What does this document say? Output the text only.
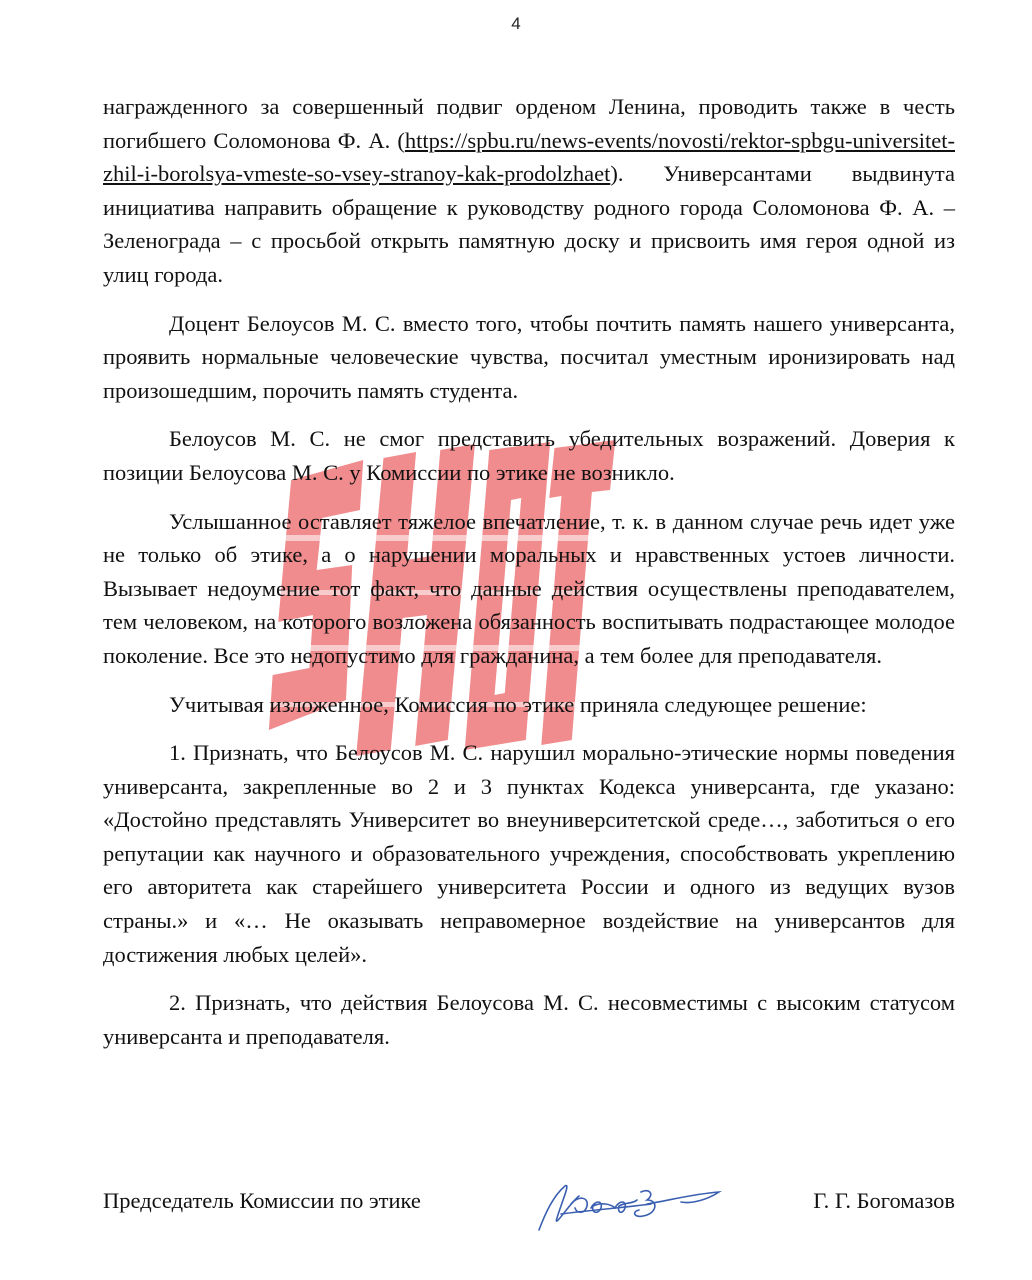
4

награжденного за совершенный подвиг орденом Ленина, проводить также в честь погибшего Соломонова Ф. А. (https://spbu.ru/news-events/novosti/rektor-spbgu-universitet-zhil-i-borolsya-vmeste-so-vsey-stranoy-kak-prodolzhaet). Универсантами выдвинута инициатива направить обращение к руководству родного города Соломонова Ф. А. – Зеленограда – с просьбой открыть памятную доску и присвоить имя героя одной из улиц города.

Доцент Белоусов М. С. вместо того, чтобы почтить память нашего универсанта, проявить нормальные человеческие чувства, посчитал уместным иронизировать над произошедшим, порочить память студента.

Белоусов М. С. не смог представить убедительных возражений. Доверия к позиции Белоусова М. С. у Комиссии по этике не возникло.

Услышанное оставляет тяжелое впечатление, т. к. в данном случае речь идет уже не только об этике, а о нарушении моральных и нравственных устоев личности. Вызывает недоумение тот факт, что данные действия осуществлены преподавателем, тем человеком, на которого возложена обязанность воспитывать подрастающее молодое поколение. Все это недопустимо для гражданина, а тем более для преподавателя.

Учитывая изложенное, Комиссия по этике приняла следующее решение:

1. Признать, что Белоусов М. С. нарушил морально-этические нормы поведения универсанта, закрепленные во 2 и 3 пунктах Кодекса универсанта, где указано: «Достойно представлять Университет во внеуниверситетской среде…, заботиться о его репутации как научного и образовательного учреждения, способствовать укреплению его авторитета как старейшего университета России и одного из ведущих вузов страны.» и «… Не оказывать неправомерное воздействие на универсантов для достижения любых целей».

2. Признать, что действия Белоусова М. С. несовместимы с высоким статусом универсанта и преподавателя.

Председатель Комиссии по этике	Г. Г. Богомазов
